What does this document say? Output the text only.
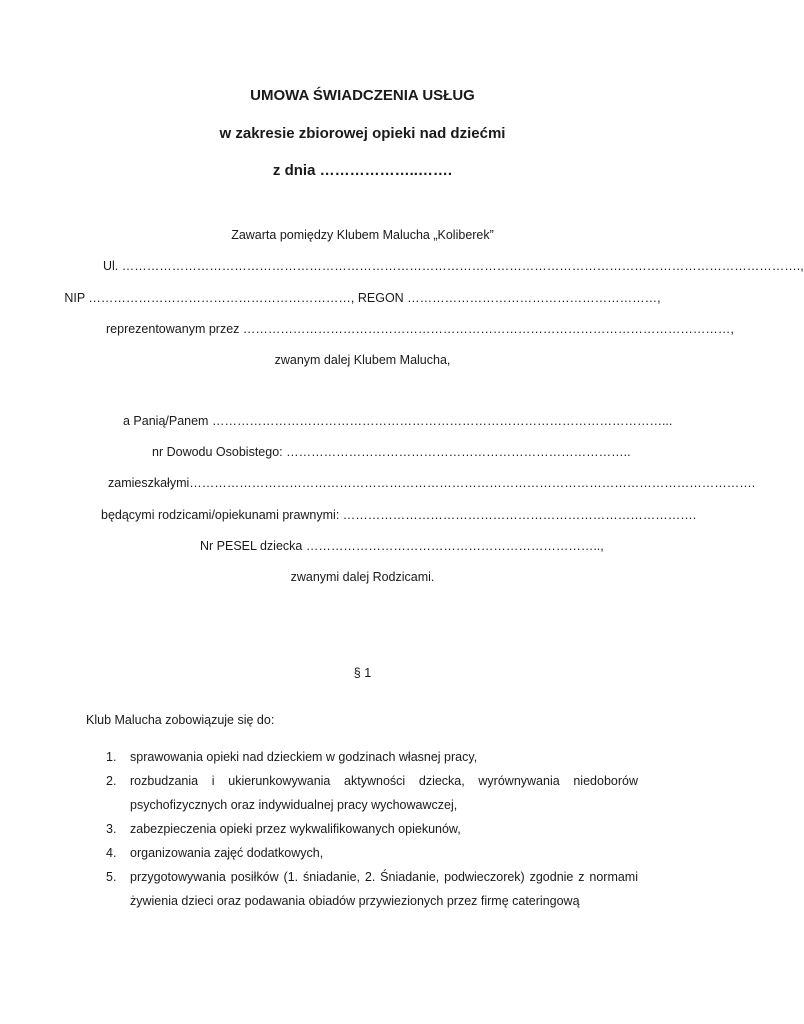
UMOWA ŚWIADCZENIA USŁUG
w zakresie zbiorowej opieki nad dziećmi
z dnia ………………..…….
Zawarta pomiędzy Klubem Malucha „Koliberek”
Ul. ……………………………………………………………………………………………………………………………………………….,
NIP ………………………………………………………, REGON ……………………………………………………,
reprezentowanym przez ………………………………………………………………………………………………………,
zwanym dalej Klubem Malucha,
a Panią/Panem ………………………………………………………………………………………………...
nr Dowodu Osobistego: ………………………………………………………………………..
zamieszkałymi……………………………………………………………………………………………………………………….
będącymi rodzicami/opiekunami prawnymi: ………………………………………………………………………….
Nr PESEL dziecka ……………………………………………………………..,
zwanymi dalej Rodzicami.
§ 1
Klub Malucha zobowiązuje się do:
1. sprawowania opieki nad dzieckiem w godzinach własnej pracy,
2. rozbudzania i ukierunkowywania aktywności dziecka, wyrównywania niedoborów psychofizycznych oraz indywidualnej pracy wychowawczej,
3. zabezpieczenia opieki przez wykwalifikowanych opiekunów,
4. organizowania zajęć dodatkowych,
5. przygotowywania posiłków (1. śniadanie, 2. Śniadanie, podwieczorek) zgodnie z normami żywienia dzieci oraz podawania obiadów przywiezionych przez firmę cateringową
